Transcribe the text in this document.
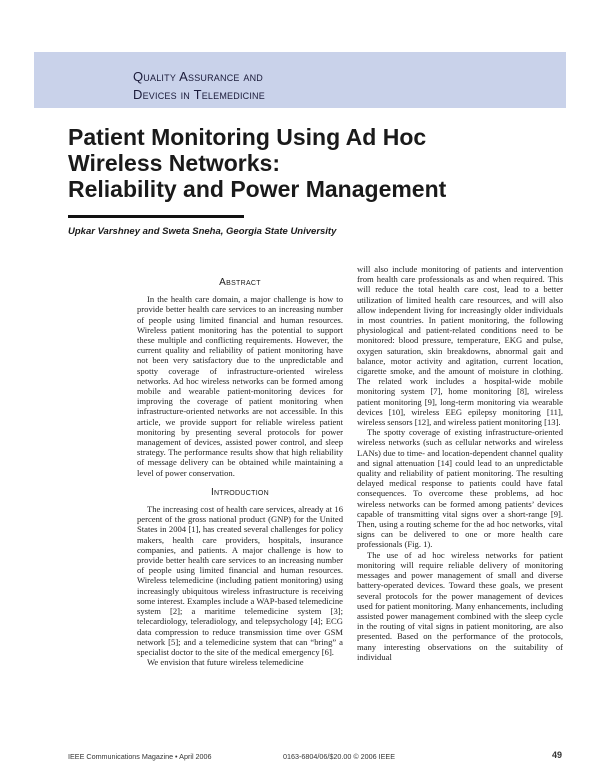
Quality Assurance and
Devices in Telemedicine
Patient Monitoring Using Ad Hoc
Wireless Networks:
Reliability and Power Management
Upkar Varshney and Sweta Sneha, Georgia State University
Abstract

In the health care domain, a major challenge is how to provide better health care services to an increasing number of people using limited financial and human resources. Wireless patient monitoring has the potential to support these multiple and conflicting requirements. However, the current quality and reliability of patient monitoring have not been very satisfactory due to the unpredictable and spotty coverage of infrastructure-oriented wireless networks. Ad hoc wireless networks can be formed among mobile and wearable patient-monitoring devices for improving the coverage of patient monitoring when infrastructure-oriented networks are not accessible. In this article, we provide support for reliable wireless patient monitoring by presenting several protocols for power management of devices, assisted power control, and sleep strategy. The performance results show that high reliability of message delivery can be obtained while maintaining a level of power conservation.

Introduction

The increasing cost of health care services, already at 16 percent of the gross national product (GNP) for the United States in 2004 [1], has created several challenges for policy makers, health care providers, hospitals, insurance companies, and patients. A major challenge is how to provide better health care services to an increasing number of people using limited financial and human resources. Wireless telemedicine (including patient monitoring) using increasingly ubiquitous wireless infrastructure is receiving some interest. Examples include a WAP-based telemedicine system [2]; a maritime telemedicine system [3]; telecardiology, teleradiology, and telepsychology [4]; ECG data compression to reduce transmission time over GSM network [5]; and a telemedicine system that can “bring” a specialist doctor to the site of the medical emergency [6].

We envision that future wireless telemedicine

will also include monitoring of patients and intervention from health care professionals as and when required. This will reduce the total health care cost, lead to a better utilization of limited health care resources, and will also allow independent living for increasingly older individuals in most countries. In patient monitoring, the following physiological and patient-related conditions need to be monitored: blood pressure, temperature, EKG and pulse, oxygen saturation, skin breakdowns, abnormal gait and balance, motor activity and agitation, current location, cigarette smoke, and the amount of moisture in clothing. The related work includes a hospital-wide mobile monitoring system [7], home monitoring [8], wireless patient monitoring [9], long-term monitoring via wearable devices [10], wireless EEG epilepsy monitoring [11], wireless sensors [12], and wireless patient monitoring [13].

The spotty coverage of existing infrastructure-oriented wireless networks (such as cellular networks and wireless LANs) due to time- and location-dependent channel quality and signal attenuation [14] could lead to an unpredictable quality and reliability of patient monitoring. The resulting delayed medical response to patients could have fatal consequences. To overcome these problems, ad hoc wireless networks can be formed among patients’ devices capable of transmitting vital signs over a short-range [9]. Then, using a routing scheme for the ad hoc networks, vital signs can be delivered to one or more health care professionals (Fig. 1).

The use of ad hoc wireless networks for patient monitoring will require reliable delivery of monitoring messages and power management of small and diverse battery-operated devices. Toward these goals, we present several protocols for the power management of devices used for patient monitoring. Many enhancements, including assisted power management combined with the sleep cycle in the routing of vital signs in patient monitoring, are also presented. Based on the performance of the protocols, many interesting observations on the suitability of individual

IEEE Communications Magazine • April 2006	0163-6804/06/$20.00 © 2006 IEEE	49
